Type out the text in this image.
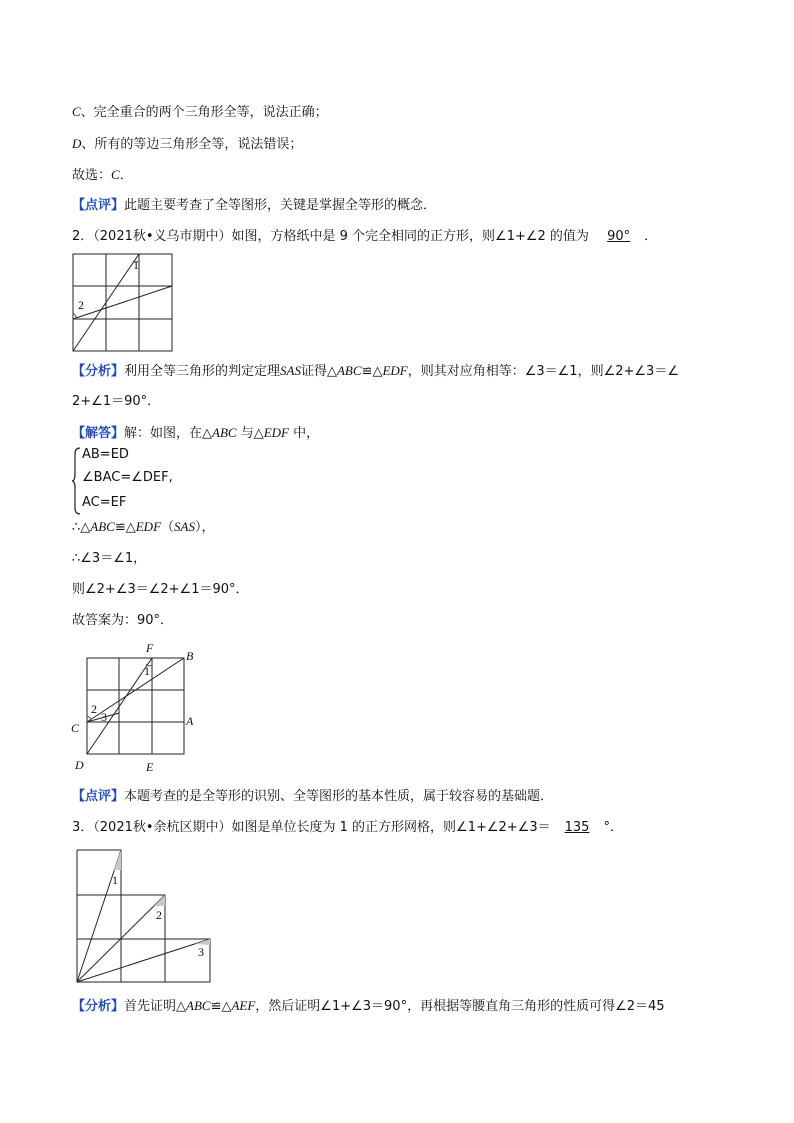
C、完全重合的两个三角形全等，说法正确；
D、所有的等边三角形全等，说法错误；
故选：C．
【点评】此题主要考查了全等图形，关键是掌握全等形的概念．
2．（2021秋•义乌市期中）如图，方格纸中是 9 个完全相同的正方形，则∠1+∠2 的值为 90° ．
1
2
【分析】利用全等三角形的判定定理SAS证得△ABC≌△EDF，则其对应角相等：∠3＝∠1，则∠2+∠3＝∠
2+∠1＝90°．
【解答】解：如图，在△ABC 与△EDF 中，
AB=ED
∠BAC=∠DEF,
AC=EF
∴△ABC≌△EDF（SAS），
∴∠3＝∠1，
则∠2+∠3＝∠2+∠1＝90°．
故答案为：90°．
F
B
A
C
D	E
1
2
3
【点评】本题考查的是全等形的识别、全等图形的基本性质，属于较容易的基础题．
3．（2021秋•余杭区期中）如图是单位长度为 1 的正方形网格，则∠1+∠2+∠3＝ 135 °．
1
2
3
【分析】首先证明△ABC≌△AEF，然后证明∠1+∠3＝90°，再根据等腰直角三角形的性质可得∠2＝45
